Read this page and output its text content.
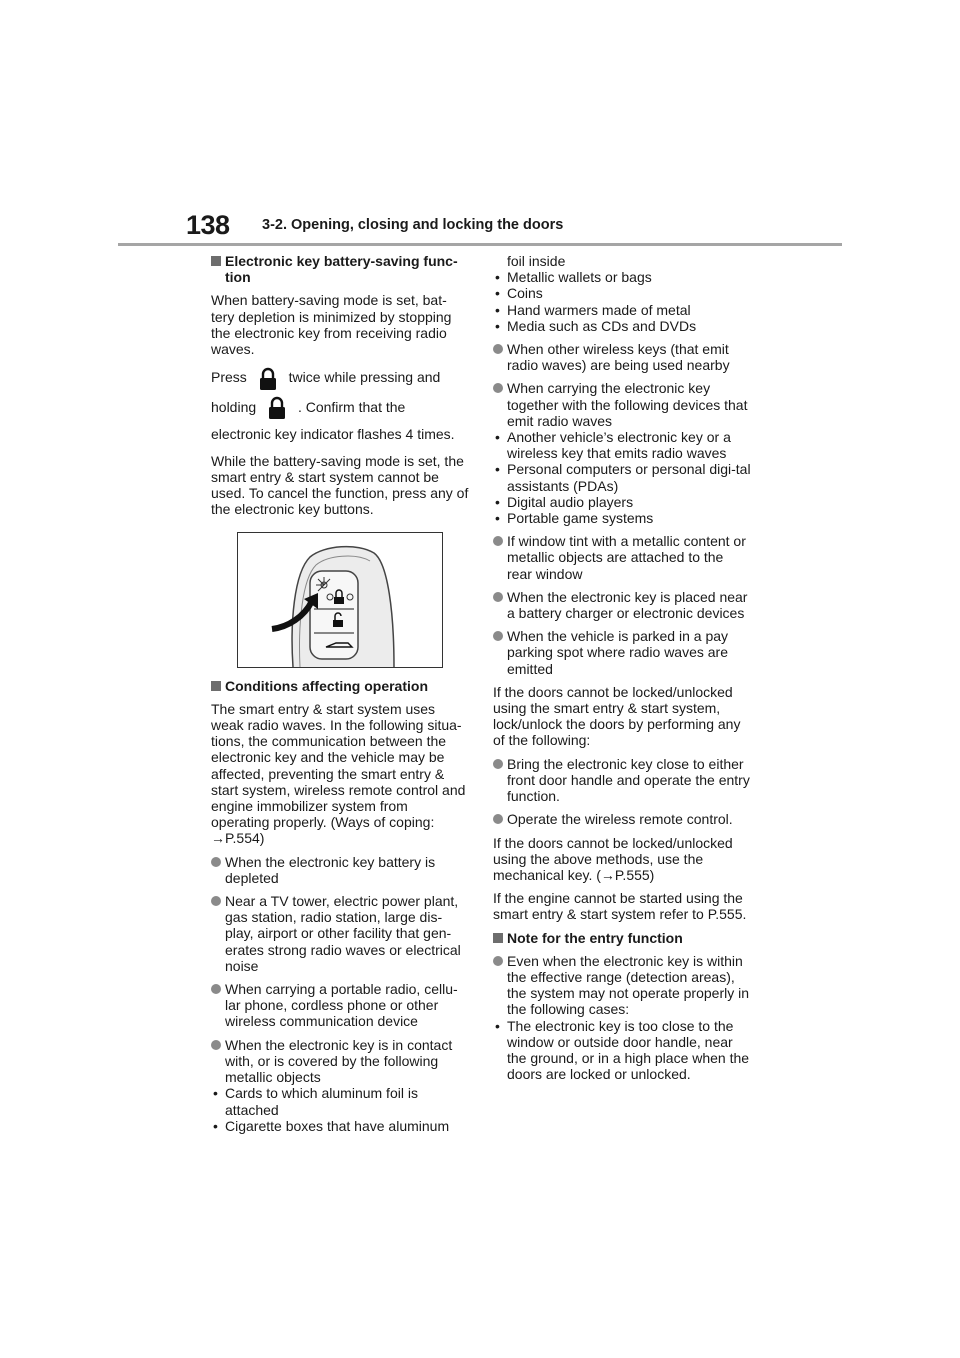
138 3-2. Opening, closing and locking the doors
Electronic key battery-saving func-tion

When battery-saving mode is set, bat-tery depletion is minimized by stopping the electronic key from receiving radio waves.

Press	twice while pressing and

holding	. Confirm that the electronic key indicator flashes 4 times.

While the battery-saving mode is set, the smart entry & start system cannot be used. To cancel the function, press any of the electronic key buttons.

Conditions affecting operation

The smart entry & start system uses weak radio waves. In the following situa-tions, the communication between the electronic key and the vehicle may be affected, preventing the smart entry & start system, wireless remote control and engine immobilizer system from operating properly. (Ways of coping: →P.554)

When the electronic key battery is depleted

Near a TV tower, electric power plant, gas station, radio station, large dis-play, airport or other facility that gen-erates strong radio waves or electrical noise

When carrying a portable radio, cellu-lar phone, cordless phone or other wireless communication device

When the electronic key is in contact with, or is covered by the following metallic objects

• Cards to which aluminum foil is attached

• Cigarette boxes that have aluminum

foil inside

• Metallic wallets or bags

• Coins

• Hand warmers made of metal

• Media such as CDs and DVDs

When other wireless keys (that emit radio waves) are being used nearby

When carrying the electronic key together with the following devices that emit radio waves

• Another vehicle’s electronic key or a wireless key that emits radio waves

• Personal computers or personal digi-tal assistants (PDAs)

• Digital audio players

• Portable game systems

If window tint with a metallic content or metallic objects are attached to the rear window

When the electronic key is placed near a battery charger or electronic devices

When the vehicle is parked in a pay parking spot where radio waves are emitted

If the doors cannot be locked/unlocked using the smart entry & start system, lock/unlock the doors by performing any of the following:

Bring the electronic key close to either front door handle and operate the entry function.

Operate the wireless remote control.

If the doors cannot be locked/unlocked using the above methods, use the mechanical key. (→P.555)

If the engine cannot be started using the smart entry & start system refer to P.555.

Note for the entry function

Even when the electronic key is within the effective range (detection areas), the system may not operate properly in the following cases:

• The electronic key is too close to the window or outside door handle, near the ground, or in a high place when the doors are locked or unlocked.
